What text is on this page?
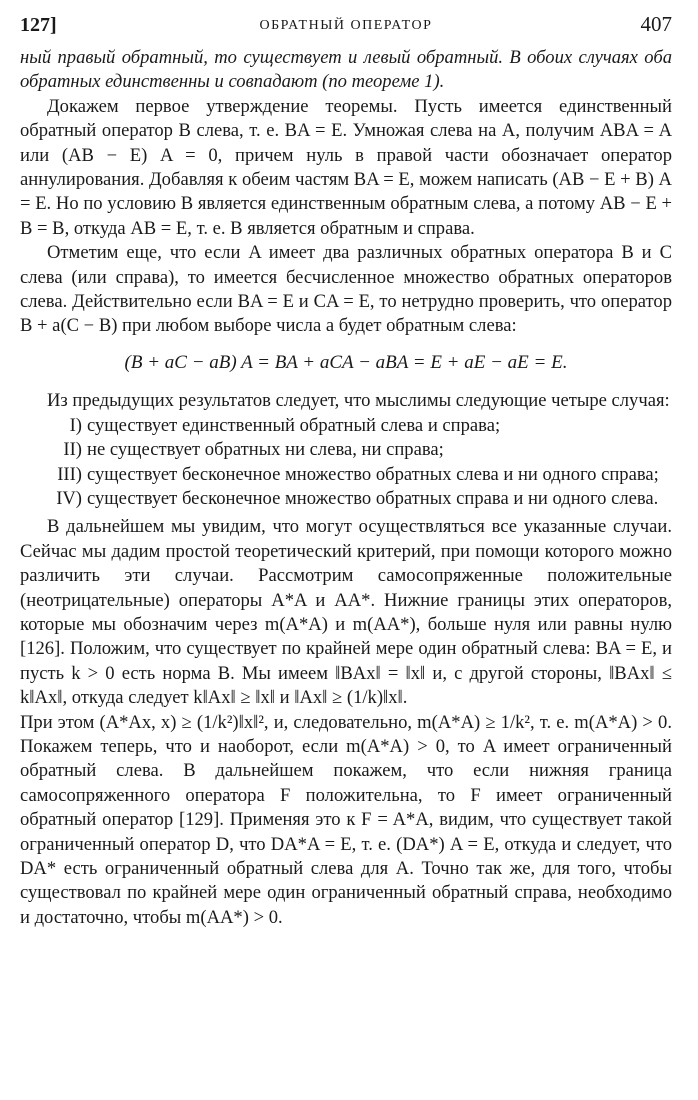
127]	ОБРАТНЫЙ ОПЕРАТОР	407

ный правый обратный, то существует и левый обратный. В обоих случаях оба обратных единственны и совпадают (по теореме 1).

Докажем первое утверждение теоремы. Пусть имеется единственный обратный оператор B слева, т. е. BA = E. Умножая слева на A, получим ABA = A или (AB − E) A = 0, причем нуль в правой части обозначает оператор аннулирования. Добавляя к обеим частям BA = E, можем написать (AB − E + B) A = E. Но по условию B является единственным обратным слева, а потому AB − E + B = B, откуда AB = E, т. е. B является обратным и справа.

Отметим еще, что если A имеет два различных обратных оператора B и C слева (или справа), то имеется бесчисленное множество обратных операторов слева. Действительно если BA = E и CA = E, то нетрудно проверить, что оператор B + a(C − B) при любом выборе числа a будет обратным слева:

(B + aC − aB) A = BA + aCA − aBA = E + aE − aE = E.

Из предыдущих результатов следует, что мыслимы следующие четыре случая:

I) существует единственный обратный слева и справа;
II) не существует обратных ни слева, ни справа;
III) существует бесконечное множество обратных слева и ни одного справа;
IV) существует бесконечное множество обратных справа и ни одного слева.

В дальнейшем мы увидим, что могут осуществляться все указанные случаи. Сейчас мы дадим простой теоретический критерий, при помощи которого можно различить эти случаи. Рассмотрим самосопряженные положительные (неотрицательные) операторы A*A и AA*. Нижние границы этих операторов, которые мы обозначим через m(A*A) и m(AA*), больше нуля или равны нулю [126]. Положим, что существует по крайней мере один обратный слева: BA = E, и пусть k > 0 есть норма B. Мы имеем ‖BAx‖ = ‖x‖ и, с другой стороны, ‖BAx‖ ≤ k‖Ax‖, откуда следует k‖Ax‖ ≥ ‖x‖ и ‖Ax‖ ≥ (1/k)‖x‖.

При этом (A*Ax, x) ≥ (1/k²)‖x‖², и, следовательно, m(A*A) ≥ 1/k², т. е. m(A*A) > 0. Покажем теперь, что и наоборот, если m(A*A) > 0, то A имеет ограниченный обратный слева. В дальнейшем покажем, что если нижняя граница самосопряженного оператора F положительна, то F имеет ограниченный обратный оператор [129]. Применяя это к F = A*A, видим, что существует такой ограниченный оператор D, что DA*A = E, т. е. (DA*) A = E, откуда и следует, что DA* есть ограниченный обратный слева для A. Точно так же, для того, чтобы существовал по крайней мере один ограниченный обратный справа, необходимо и достаточно, чтобы m(AA*) > 0.
